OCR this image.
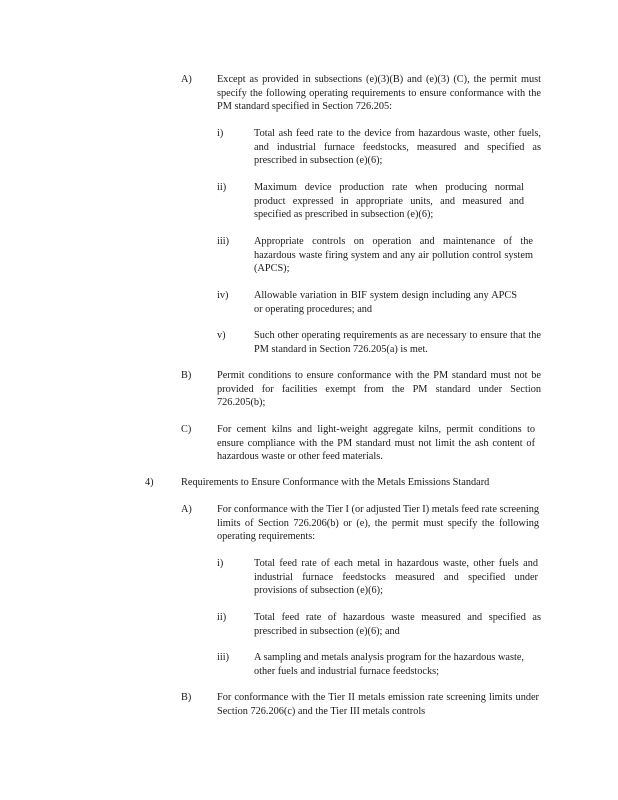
A) Except as provided in subsections (e)(3)(B) and (e)(3) (C), the permit must specify the following operating requirements to ensure conformance with the PM standard specified in Section 726.205:
i)	Total ash feed rate to the device from hazardous waste, other fuels, and industrial furnace feedstocks, measured and specified as prescribed in subsection (e)(6);
ii)	Maximum device production rate when producing normal product expressed in appropriate units, and measured and specified as prescribed in subsection (e)(6);
iii) Appropriate controls on operation and maintenance of the hazardous waste firing system and any air pollution control system (APCS);
iv) Allowable variation in BIF system design including any APCS or operating procedures; and
v)	Such other operating requirements as are necessary to ensure that the PM standard in Section 726.205(a) is met.
B) Permit conditions to ensure conformance with the PM standard must not be provided for facilities exempt from the PM standard under Section 726.205(b);
C) For cement kilns and light-weight aggregate kilns, permit conditions to ensure compliance with the PM standard must not limit the ash content of hazardous waste or other feed materials.
4)	Requirements to Ensure Conformance with the Metals Emissions Standard
A) For conformance with the Tier I (or adjusted Tier I) metals feed rate screening limits of Section 726.206(b) or (e), the permit must specify the following operating requirements:
i)	Total feed rate of each metal in hazardous waste, other fuels and industrial furnace feedstocks measured and specified under provisions of subsection (e)(6);
ii)	Total feed rate of hazardous waste measured and specified as prescribed in subsection (e)(6); and
iii) A sampling and metals analysis program for the hazardous waste, other fuels and industrial furnace feedstocks;
B) For conformance with the Tier II metals emission rate screening limits under Section 726.206(c) and the Tier III metals controls
